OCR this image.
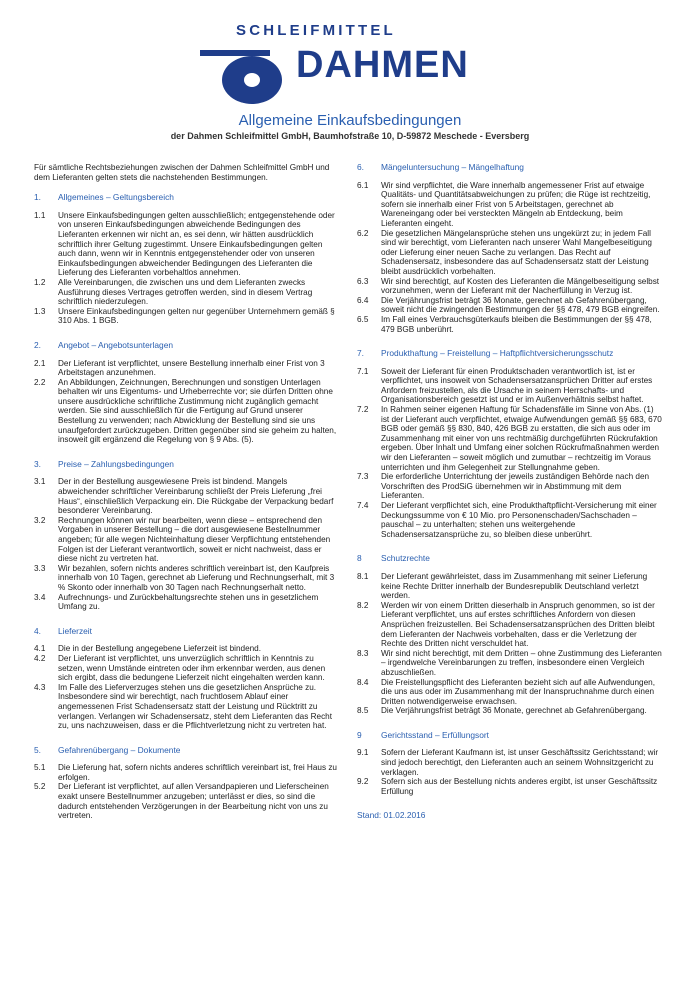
SCHLEIFMITTEL
DAHMEN
Allgemeine Einkaufsbedingungen
der Dahmen Schleifmittel GmbH, Baumhofstraße 10, D-59872 Meschede - Eversberg

Für sämtliche Rechtsbeziehungen zwischen der Dahmen Schleifmittel GmbH und dem Lieferanten gelten stets die nachstehenden Bestimmungen.

1.	Allgemeines – Geltungsbereich
1.1	Unsere Einkaufsbedingungen gelten ausschließlich; entgegenstehende oder von unseren Einkaufsbedingungen abweichende Bedingungen des Lieferanten erkennen wir nicht an, es sei denn, wir hätten ausdrücklich schriftlich ihrer Geltung zugestimmt. Unsere Einkaufsbedingungen gelten auch dann, wenn wir in Kenntnis entgegenstehender oder von unseren Einkaufsbedingungen abweichender Bedingungen des Lieferanten die Lieferung des Lieferanten vorbehaltlos annehmen.
1.2	Alle Vereinbarungen, die zwischen uns und dem Lieferanten zwecks Ausführung dieses Vertrages getroffen werden, sind in diesem Vertrag schriftlich niederzulegen.
1.3	Unsere Einkaufsbedingungen gelten nur gegenüber Unternehmern gemäß § 310 Abs. 1 BGB.
2.	Angebot – Angebotsunterlagen
2.1	Der Lieferant ist verpflichtet, unsere Bestellung innerhalb einer Frist von 3 Arbeitstagen anzunehmen.
2.2	An Abbildungen, Zeichnungen, Berechnungen und sonstigen Unterlagen behalten wir uns Eigentums- und Urheberrechte vor; sie dürfen Dritten ohne unsere ausdrückliche schriftliche Zustimmung nicht zugänglich gemacht werden. Sie sind ausschließlich für die Fertigung auf Grund unserer Bestellung zu verwenden; nach Abwicklung der Bestellung sind sie uns unaufgefordert zurückzugeben. Dritten gegenüber sind sie geheim zu halten, insoweit gilt ergänzend die Regelung von § 9 Abs. (5).
3.	Preise – Zahlungsbedingungen
3.1	Der in der Bestellung ausgewiesene Preis ist bindend. Mangels abweichender schriftlicher Vereinbarung schließt der Preis Lieferung „frei Haus“, einschließlich Verpackung ein. Die Rückgabe der Verpackung bedarf besonderer Vereinbarung.
3.2	Rechnungen können wir nur bearbeiten, wenn diese – entsprechend den Vorgaben in unserer Bestellung – die dort ausgewiesene Bestellnummer angeben; für alle wegen Nichteinhaltung dieser Verpflichtung entstehenden Folgen ist der Lieferant verantwortlich, soweit er nicht nachweist, dass er diese nicht zu vertreten hat.
3.3	Wir bezahlen, sofern nichts anderes schriftlich vereinbart ist, den Kaufpreis innerhalb von 10 Tagen, gerechnet ab Lieferung und Rechnungserhalt, mit 3 % Skonto oder innerhalb von 30 Tagen nach Rechnungserhalt netto.
3.4	Aufrechnungs- und Zurückbehaltungsrechte stehen uns in gesetzlichem Umfang zu.
4.	Lieferzeit
4.1	Die in der Bestellung angegebene Lieferzeit ist bindend.
4.2	Der Lieferant ist verpflichtet, uns unverzüglich schriftlich in Kenntnis zu setzen, wenn Umstände eintreten oder ihm erkennbar werden, aus denen sich ergibt, dass die bedungene Lieferzeit nicht eingehalten werden kann.
4.3	Im Falle des Lieferverzuges stehen uns die gesetzlichen Ansprüche zu. Insbesondere sind wir berechtigt, nach fruchtlosem Ablauf einer angemessenen Frist Schadensersatz statt der Leistung und Rücktritt zu verlangen. Verlangen wir Schadensersatz, steht dem Lieferanten das Recht zu, uns nachzuweisen, dass er die Pflichtverletzung nicht zu vertreten hat.
5.	Gefahrenübergang – Dokumente
5.1	Die Lieferung hat, sofern nichts anderes schriftlich vereinbart ist, frei Haus zu erfolgen.
5.2	Der Lieferant ist verpflichtet, auf allen Versandpapieren und Lieferscheinen exakt unsere Bestellnummer anzugeben; unterlässt er dies, so sind die dadurch entstehenden Verzögerungen in der Bearbeitung nicht von uns zu vertreten.
6.	Mängeluntersuchung – Mängelhaftung
6.1	Wir sind verpflichtet, die Ware innerhalb angemessener Frist auf etwaige Qualitäts- und Quantitätsabweichungen zu prüfen; die Rüge ist rechtzeitig, sofern sie innerhalb einer Frist von 5 Arbeitstagen, gerechnet ab Wareneingang oder bei versteckten Mängeln ab Entdeckung, beim Lieferanten eingeht.
6.2	Die gesetzlichen Mängelansprüche stehen uns ungekürzt zu; in jedem Fall sind wir berechtigt, vom Lieferanten nach unserer Wahl Mangelbeseitigung oder Lieferung einer neuen Sache zu verlangen. Das Recht auf Schadensersatz, insbesondere das auf Schadensersatz statt der Leistung bleibt ausdrücklich vorbehalten.
6.3	Wir sind berechtigt, auf Kosten des Lieferanten die Mängelbeseitigung selbst vorzunehmen, wenn der Lieferant mit der Nacherfüllung in Verzug ist.
6.4	Die Verjährungsfrist beträgt 36 Monate, gerechnet ab Gefahrenübergang, soweit nicht die zwingenden Bestimmungen der §§ 478, 479 BGB eingreifen.
6.5	Im Fall eines Verbrauchsgüterkaufs bleiben die Bestimmungen der §§ 478, 479 BGB unberührt.
7.	Produkthaftung – Freistellung – Haftpflichtversicherungsschutz
7.1	Soweit der Lieferant für einen Produktschaden verantwortlich ist, ist er verpflichtet, uns insoweit von Schadensersatzansprüchen Dritter auf erstes Anfordern freizustellen, als die Ursache in seinem Herrschafts- und Organisationsbereich gesetzt ist und er im Außenverhältnis selbst haftet.
7.2	In Rahmen seiner eigenen Haftung für Schadensfälle im Sinne von Abs. (1) ist der Lieferant auch verpflichtet, etwaige Aufwendungen gemäß §§ 683, 670 BGB oder gemäß §§ 830, 840, 426 BGB zu erstatten, die sich aus oder im Zusammenhang mit einer von uns rechtmäßig durchgeführten Rückrufaktion ergeben. Über Inhalt und Umfang einer solchen Rückrufmaßnahmen werden wir den Lieferanten – soweit möglich und zumutbar – rechtzeitig im Voraus unterrichten und ihm Gelegenheit zur Stellungnahme geben.
7.3	Die erforderliche Unterrichtung der jeweils zuständigen Behörde nach den Vorschriften des ProdSiG übernehmen wir in Abstimmung mit dem Lieferanten.
7.4	Der Lieferant verpflichtet sich, eine Produkthaftpflicht-Versicherung mit einer Deckungssumme von € 10 Mio. pro Personenschaden/Sachschaden – pauschal – zu unterhalten; stehen uns weitergehende Schadensersatzansprüche zu, so bleiben diese unberührt.
8	Schutzrechte
8.1	Der Lieferant gewährleistet, dass im Zusammenhang mit seiner Lieferung keine Rechte Dritter innerhalb der Bundesrepublik Deutschland verletzt werden.
8.2	Werden wir von einem Dritten dieserhalb in Anspruch genommen, so ist der Lieferant verpflichtet, uns auf erstes schriftliches Anfordern von diesen Ansprüchen freizustellen. Bei Schadensersatzansprüchen des Dritten bleibt dem Lieferanten der Nachweis vorbehalten, dass er die Verletzung der Rechte des Dritten nicht verschuldet hat.
8.3	Wir sind nicht berechtigt, mit dem Dritten – ohne Zustimmung des Lieferanten – irgendwelche Vereinbarungen zu treffen, insbesondere einen Vergleich abzuschließen.
8.4	Die Freistellungspflicht des Lieferanten bezieht sich auf alle Aufwendungen, die uns aus oder im Zusammenhang mit der Inanspruchnahme durch einen Dritten notwendigerweise erwachsen.
8.5	Die Verjährungsfrist beträgt 36 Monate, gerechnet ab Gefahrenübergang.
9	Gerichtsstand – Erfüllungsort
9.1	Sofern der Lieferant Kaufmann ist, ist unser Geschäftssitz Gerichtsstand; wir sind jedoch berechtigt, den Lieferanten auch an seinem Wohnsitzgericht zu verklagen.
9.2	Sofern sich aus der Bestellung nichts anderes ergibt, ist unser Geschäftssitz Erfüllung
Stand: 01.02.2016
